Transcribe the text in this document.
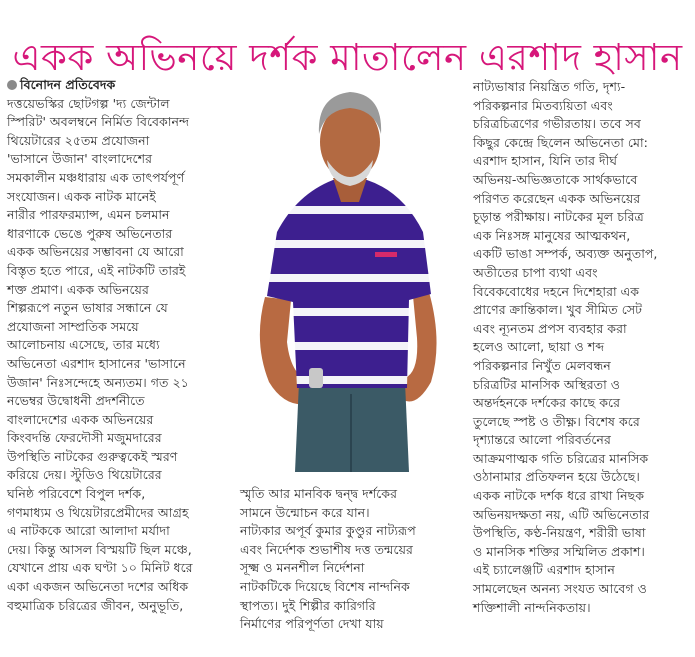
একক অভিনয়ে দর্শক মাতালেন এরশাদ হাসান
বিনোদন প্রতিবেদক

দত্তয়েভস্কির ছোটগল্প 'দ্য জেন্টাল
স্পিরিট' অবলম্বনে নির্মিত বিবেকানন্দ
থিয়েটারের ২৫তম প্রযোজনা
'ভাসানে উজান' বাংলাদেশের
সমকালীন মঞ্চধারায় এক তাৎপর্যপূর্ণ
সংযোজন। একক নাটক মানেই
নারীর পারফরম্যান্স, এমন চলমান
ধারণাকে ভেঙে পুরুষ অভিনেতার
একক অভিনয়ের সম্ভাবনা যে আরো
বিস্তৃত হতে পারে, এই নাটকটি তারই
শক্ত প্রমাণ। একক অভিনয়ের
শিল্পরূপে নতুন ভাষার সন্ধানে যে
প্রযোজনা সাম্প্রতিক সময়ে
আলোচনায় এসেছে, তার মধ্যে
অভিনেতা এরশাদ হাসানের 'ভাসানে
উজান' নিঃসন্দেহে অন্যতম। গত ২১
নভেম্বর উদ্বোধনী প্রদর্শনীতে
বাংলাদেশের একক অভিনয়ের
কিংবদন্তি ফেরদৌসী মজুমদারের
উপস্থিতি নাটকের গুরুত্বকেই স্মরণ
করিয়ে দেয়। স্টুডিও থিয়েটারের
ঘনিষ্ঠ পরিবেশে বিপুল দর্শক,
গণমাধ্যম ও থিয়েটারপ্রেমীদের আগ্রহ
এ নাটককে আরো আলাদা মর্যাদা
দেয়। কিন্তু আসল বিস্ময়টি ছিল মঞ্চে,
যেখানে প্রায় এক ঘণ্টা ১০ মিনিট ধরে
একা একজন অভিনেতা দশের অধিক
বহুমাত্রিক চরিত্রের জীবন, অনুভূতি,

স্মৃতি আর মানবিক দ্বন্দ্ব দর্শকের
সামনে উন্মোচন করে যান।
নাট্যকার অপূর্ব কুমার কুণ্ডুর নাট্যরূপ
এবং নির্দেশক শুভাশীষ দত্ত তন্ময়ের
সূক্ষ্ম ও মননশীল নির্দেশনা
নাটকটিকে দিয়েছে বিশেষ নান্দনিক
স্থাপত্য। দুই শিল্পীর কারিগরি
নির্মাণের পরিপূর্ণতা দেখা যায়

নাট্যভাষার নিয়ন্ত্রিত গতি, দৃশ্য-
পরিকল্পনার মিতব্যয়িতা এবং
চরিত্রচিত্রণের গভীরতায়। তবে সব
কিছুর কেন্দ্রে ছিলেন অভিনেতা মো:
এরশাদ হাসান, যিনি তার দীর্ঘ
অভিনয়-অভিজ্ঞতাকে সার্থকভাবে
পরিণত করেছেন একক অভিনয়ের
চূড়ান্ত পরীক্ষায়। নাটকের মূল চরিত্র
এক নিঃসঙ্গ মানুষের আত্মকথন,
একটি ভাঙা সম্পর্ক, অব্যক্ত অনুতাপ,
অতীতের চাপা ব্যথা এবং
বিবেকবোধের দহনে দিশেহারা এক
প্রাণের ক্রান্তিকাল। খুব সীমিত সেট
এবং ন্যূনতম প্রপস ব্যবহার করা
হলেও আলো, ছায়া ও শব্দ
পরিকল্পনার নিখুঁত মেলবন্ধন
চরিত্রটির মানসিক অস্থিরতা ও
অন্তর্দহনকে দর্শকের কাছে করে
তুলেছে স্পষ্ট ও তীক্ষ্ণ। বিশেষ করে
দৃশ্যান্তরে আলো পরিবর্তনের
আক্রমণাত্মক গতি চরিত্রের মানসিক
ওঠানামার প্রতিফলন হয়ে উঠেছে।
একক নাটকে দর্শক ধরে রাখা নিছক
অভিনয়দক্ষতা নয়, এটি অভিনেতার
উপস্থিতি, কণ্ঠ-নিয়ন্ত্রণ, শরীরী ভাষা
ও মানসিক শক্তির সম্মিলিত প্রকাশ।
এই চ্যালেঞ্জটি এরশাদ হাসান
সামলেছেন অনন্য সংযত আবেগ ও
শক্তিশালী নান্দনিকতায়।
